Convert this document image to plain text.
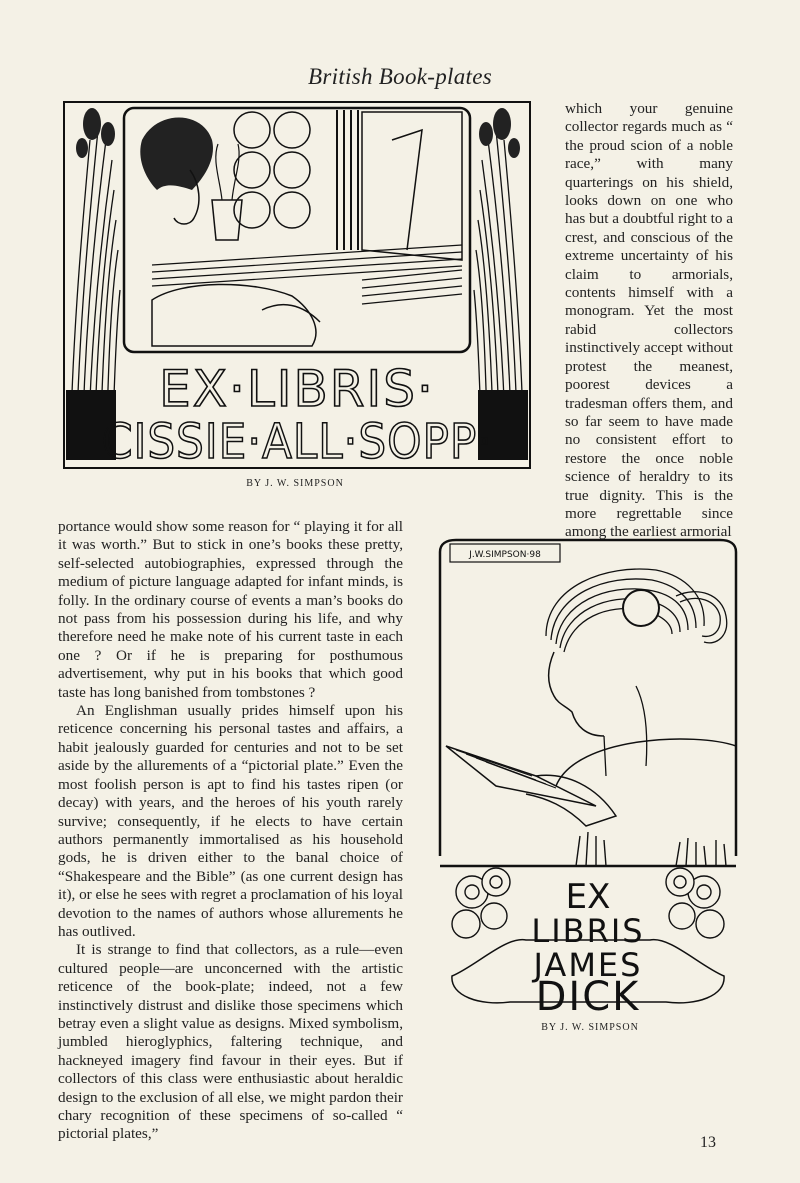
British Book-plates
EX·LIBRIS·
CISSIE·ALL·SOPP·
BY J. W. SIMPSON

which your genuine collector regards much as “ the proud scion of a noble race,” with many quarterings on his shield, looks down on one who has but a doubtful right to a crest, and conscious of the extreme uncertainty of his claim to armorials, contents himself with a monogram. Yet the most rabid collectors instinctively accept without protest the meanest, poorest devices a tradesman offers them, and so far seem to have made no consistent effort to restore the once noble science of heraldry to its true dignity. This is the more regrettable since among the earliest armorial

portance would show some reason for “ playing it for all it was worth.” But to stick in one’s books these pretty, self-selected autobiographies, expressed through the medium of picture language adapted for infant minds, is folly. In the ordinary course of events a man’s books do not pass from his possession during his life, and why therefore need he make note of his current taste in each one ? Or if he is preparing for posthumous advertisement, why put in his books that which good taste has long banished from tombstones ?

An Englishman usually prides himself upon his reticence concerning his personal tastes and affairs, a habit jealously guarded for centuries and not to be set aside by the allurements of a “pictorial plate.” Even the most foolish person is apt to find his tastes ripen (or decay) with years, and the heroes of his youth rarely survive; consequently, if he elects to have certain authors permanently immortalised as his household gods, he is driven either to the banal choice of “Shakespeare and the Bible” (as one current design has it), or else he sees with regret a proclamation of his loyal devotion to the names of authors whose allurements he has outlived.

It is strange to find that collectors, as a rule—even cultured people—are unconcerned with the artistic reticence of the book-plate; indeed, not a few instinctively distrust and dislike those specimens which betray even a slight value as designs. Mixed symbolism, jumbled hieroglyphics, faltering technique, and hackneyed imagery find favour in their eyes. But if collectors of this class were enthusiastic about heraldic design to the exclusion of all else, we might pardon their chary recognition of these specimens of so-called “ pictorial plates,”

J.W.SIMPSON·98
EX
LIBRIS
JAMES
DICK
BY J. W. SIMPSON
13
